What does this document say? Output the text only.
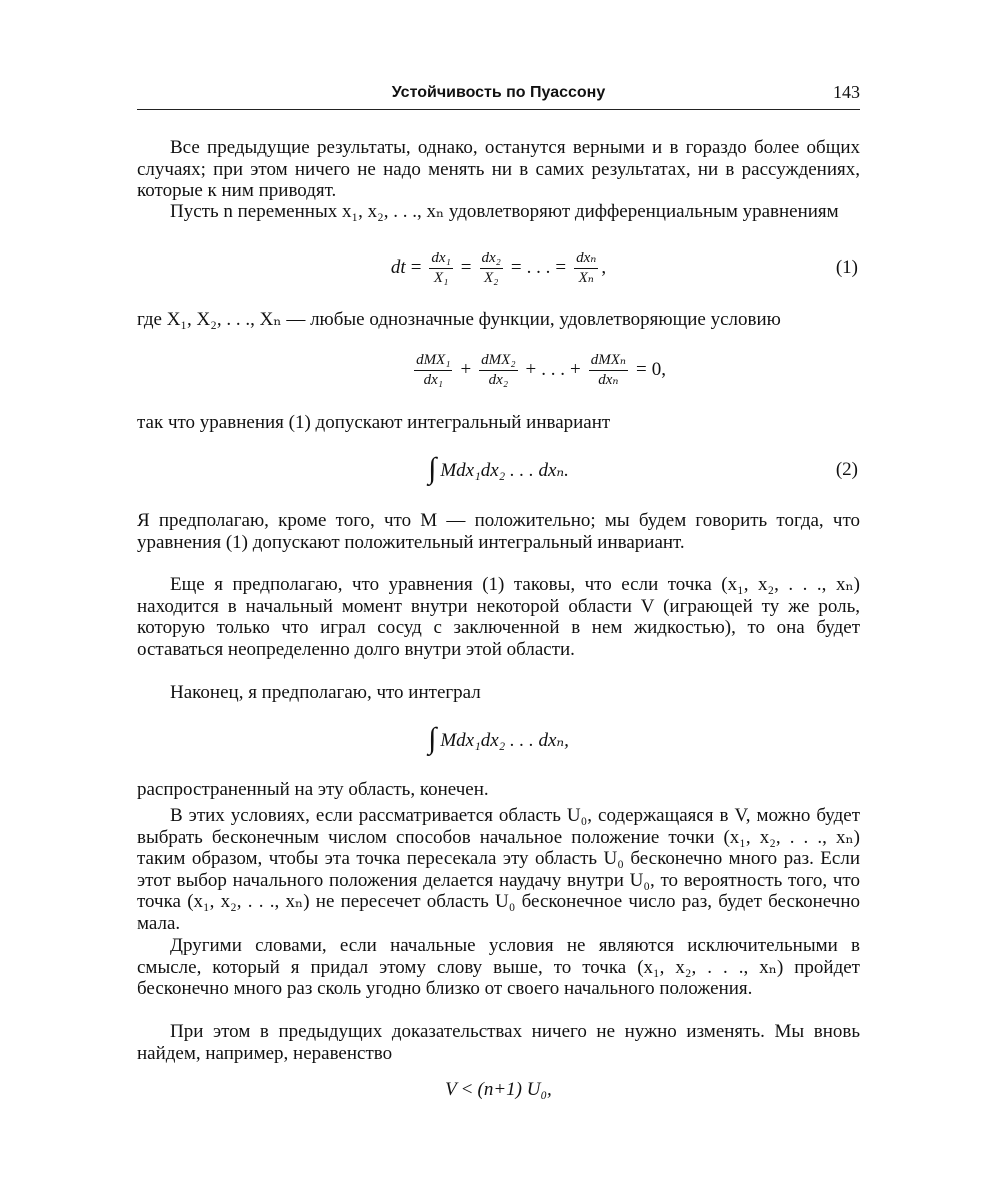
Устойчивость по Пуассону	143

Все предыдущие результаты, однако, останутся верными и в гораздо более общих случаях; при этом ничего не надо менять ни в самих результатах, ни в рассуждениях, которые к ним приводят.

Пусть n переменных x₁, x₂, . . ., xₙ удовлетворяют дифференциальным уравнениям

dt = $\frac{\text{dx₁}}{\text{X₁}} = \frac{\text{dx₂}}{\text{X₂}}$ = . . . = $\frac{\text{dxₙ}}{\text{Xₙ}}$ ,	(1)

где X₁, X₂, . . ., Xₙ — любые однозначные функции, удовлетворяющие условию

$\frac{\text{dMX₁}}{\text{dx₁}} + \frac{\text{dMX₂}}{\text{dx₂}}$ + . . . + $\frac{\text{dMXₙ}}{\text{dxₙ}} = 0$,

так что уравнения (1) допускают интегральный инвариант

∫ Mdx₁dx₂ . . . dxₙ.	(2)

Я предполагаю, кроме того, что M — положительно; мы будем говорить тогда, что уравнения (1) допускают положительный интегральный инвариант.

Еще я предполагаю, что уравнения (1) таковы, что если точка (x₁, x₂, . . ., xₙ) находится в начальный момент внутри некоторой области V (играющей ту же роль, которую только что играл сосуд с заключенной в нем жидкостью), то она будет оставаться неопределенно долго внутри этой области.

Наконец, я предполагаю, что интеграл

∫ Mdx₁dx₂ . . . dxₙ,

распространенный на эту область, конечен.

В этих условиях, если рассматривается область U₀, содержащаяся в V, можно будет выбрать бесконечным числом способов начальное положение точки (x₁, x₂, . . ., xₙ) таким образом, чтобы эта точка пересекала эту область U₀ бесконечно много раз. Если этот выбор начального положения делается наудачу внутри U₀, то вероятность того, что точка (x₁, x₂, . . ., xₙ) не пересечет область U₀ бесконечное число раз, будет бесконечно мала.

Другими словами, если начальные условия не являются исключительными в смысле, который я придал этому слову выше, то точка (x₁, x₂, . . ., xₙ) пройдет бесконечно много раз сколь угодно близко от своего начального положения.

При этом в предыдущих доказательствах ничего не нужно изменять. Мы вновь найдем, например, неравенство

V < (n+1) U₀,
